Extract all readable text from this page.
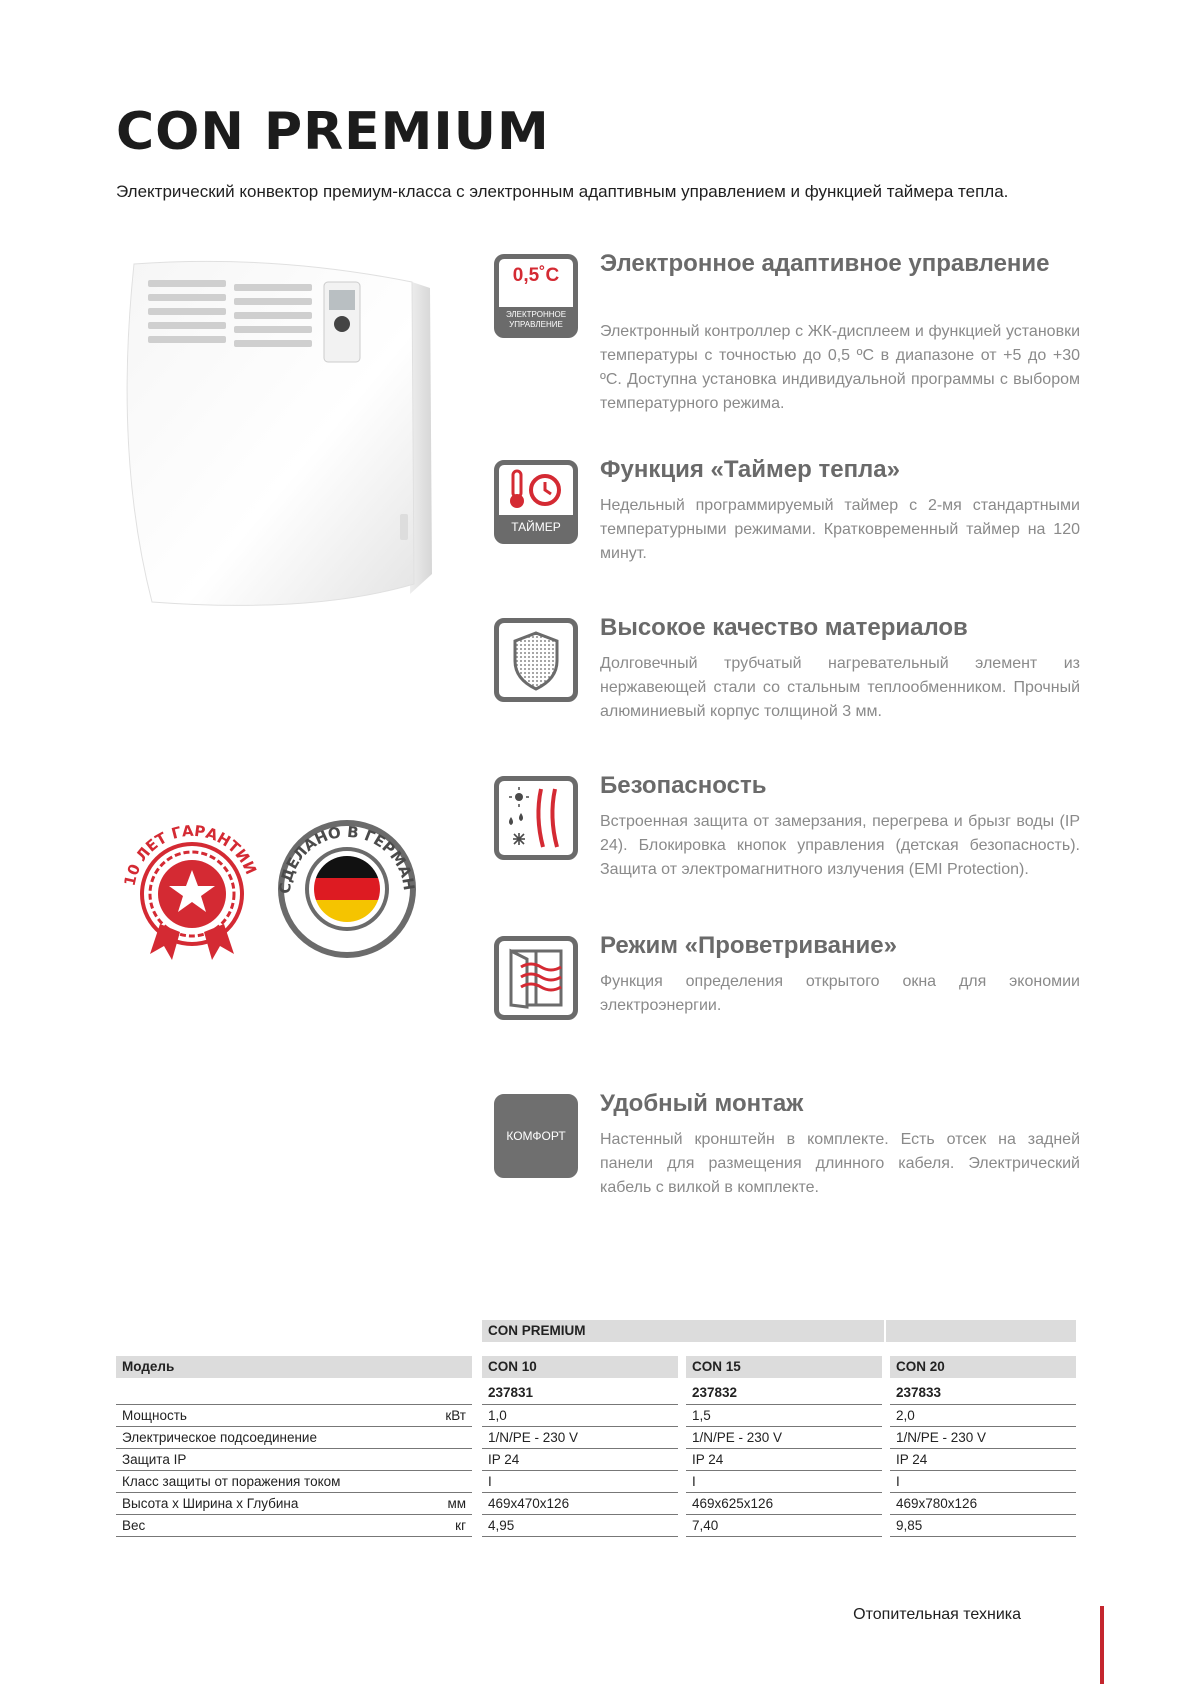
CON PREMIUM
Электрический конвектор премиум-класса с электронным адаптивным управлением и функцией таймера тепла.
10 ЛЕТ ГАРАНТИИ
СДЕЛАНО В ГЕРМАН
0,5˚С
ЭЛЕКТРОННОЕ УПРАВЛЕНИЕ
Электронное адаптивное управление
Электронный контроллер с ЖК-дисплеем и функцией установки температуры с точностью до 0,5 ºC в диапазоне от +5 до +30 ºC. Доступна установка индивидуальной программы с выбором температурного режима.
ТАЙМЕР
Функция «Таймер тепла»
Недельный программируемый таймер с 2-мя стандартными температурными режимами. Кратковременный таймер на 120 минут.
Высокое качество материалов
Долговечный трубчатый нагревательный элемент из нержавеющей стали со стальным теплообменником. Прочный алюминиевый корпус толщиной 3 мм.
Безопасность
Встроенная защита от замерзания, перегрева и брызг воды (IP 24). Блокировка кнопок управления (детская безопасность). Защита от электромагнитного излучения (EMI Protection).
Режим «Проветривание»
Функция определения открытого окна для экономии электроэнергии.
КОМФОРТ
Удобный монтаж
Настенный кронштейн в комплекте. Есть отсек на задней панели для размещения длинного кабеля. Электрический кабель с вилкой в комплекте.
CON PREMIUM
Модель	CON 10	CON 15	CON 20
237831	237832	237833
Мощность	кВт 1,0	1,5	2,0
Электрическое подсоединение	1/N/PE - 230 V	1/N/PE - 230 V	1/N/PE - 230 V
Защита IP	IP 24	IP 24	IP 24
Класс защиты от поражения током	I	I	I
Высота х Ширина х Глубина	мм 469x470x126	469x625x126	469x780x126
Вес	кг 4,95	7,40	9,85
Отопительная техника
